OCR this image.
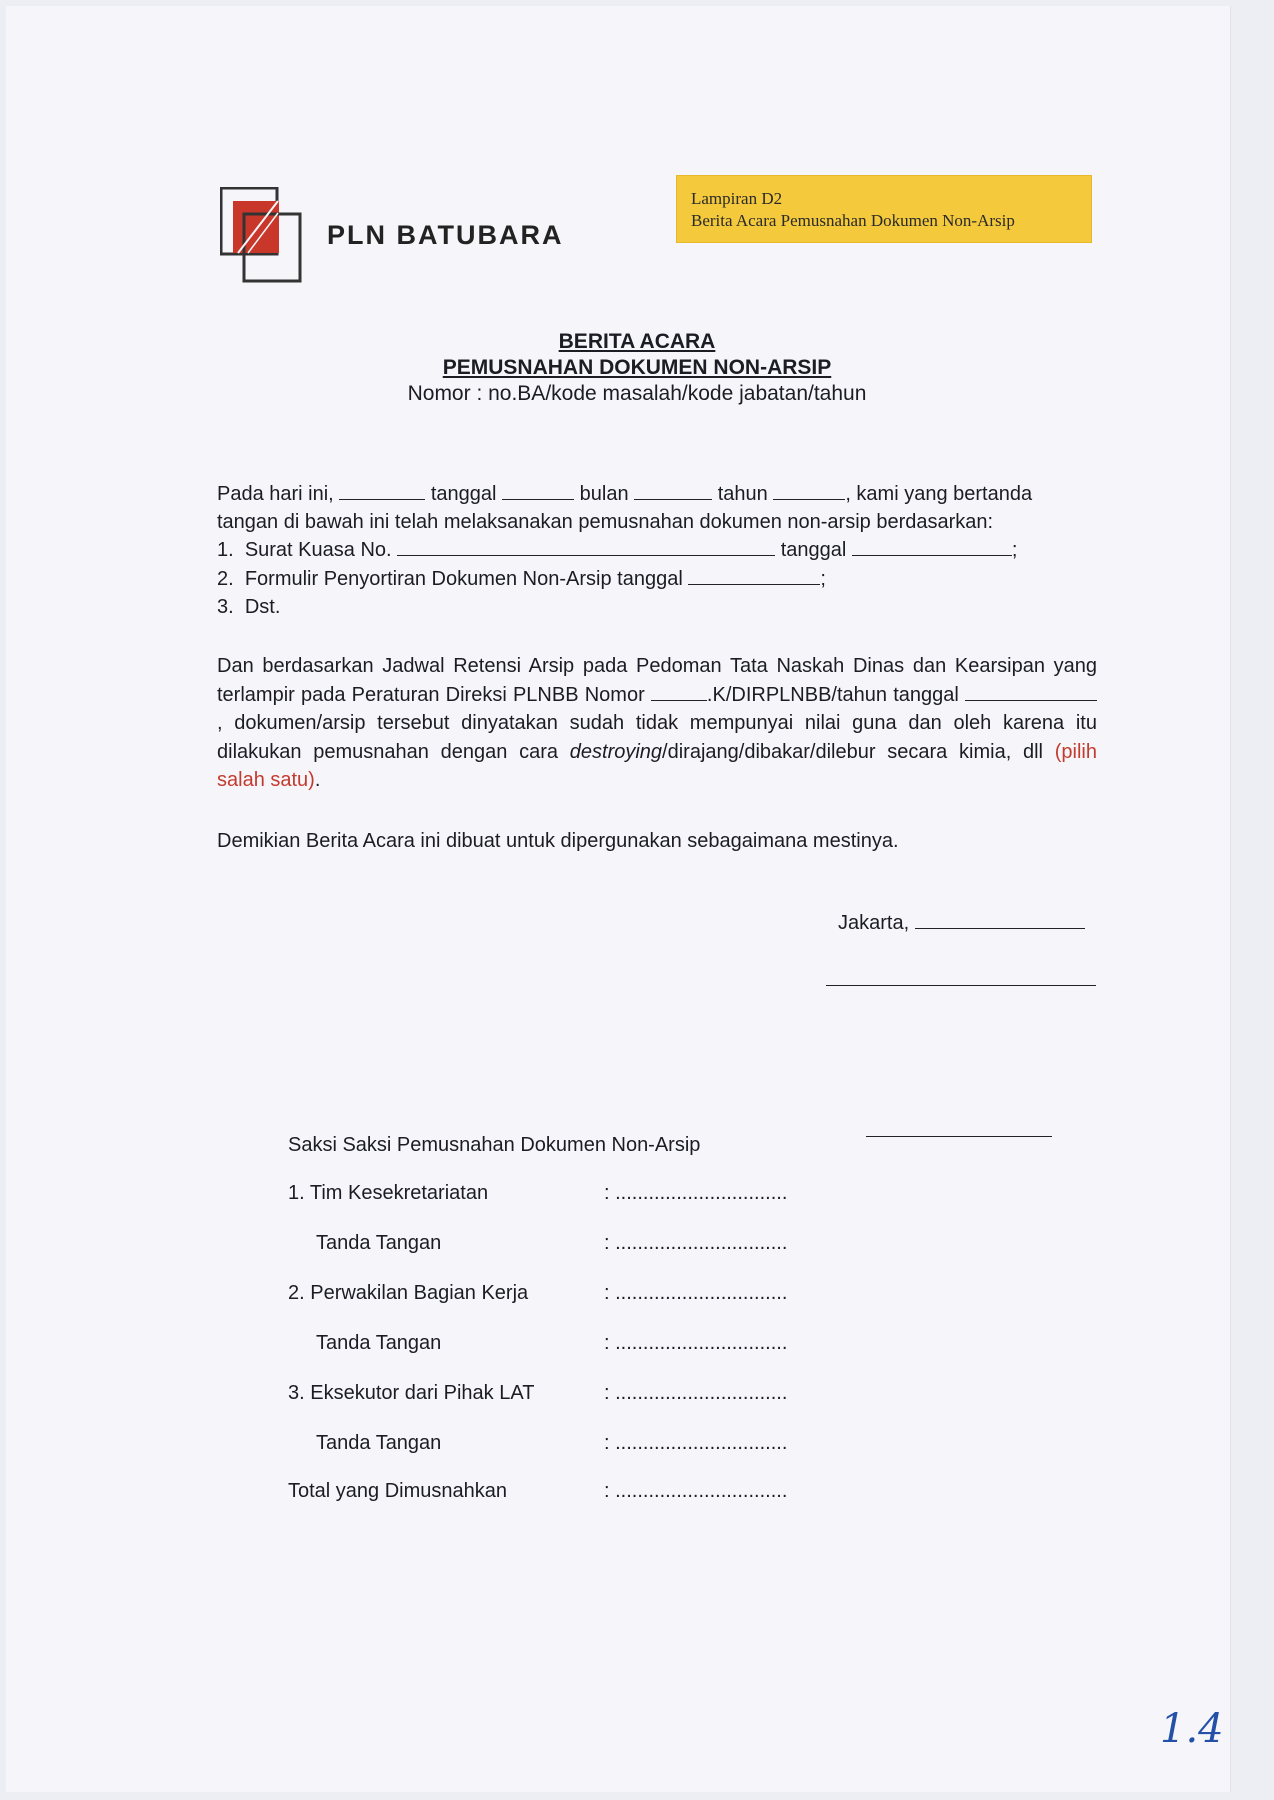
PLN BATUBARA
Lampiran D2
Berita Acara Pemusnahan Dokumen Non-Arsip
BERITA ACARA
PEMUSNAHAN DOKUMEN NON-ARSIP
Nomor : no.BA/kode masalah/kode jabatan/tahun
Pada hari ini,	tanggal	bulan	tahun	, kami yang bertanda
tangan di bawah ini telah melaksanakan pemusnahan dokumen non-arsip berdasarkan:
1. Surat Kuasa No.	tanggal	;
2. Formulir Penyortiran Dokumen Non-Arsip tanggal	;
3. Dst.
Dan berdasarkan Jadwal Retensi Arsip pada Pedoman Tata Naskah Dinas dan Kearsipan yang terlampir pada Peraturan Direksi PLNBB Nomor	.K/DIRPLNBB/tahun tanggal , dokumen/arsip tersebut dinyatakan sudah tidak mempunyai nilai guna dan oleh karena itu dilakukan pemusnahan dengan cara destroying/dirajang/dibakar/dilebur secara kimia, dll (pilih salah satu).
Demikian Berita Acara ini dibuat untuk dipergunakan sebagaimana mestinya.
Jakarta,
Saksi Saksi Pemusnahan Dokumen Non-Arsip
1. Tim Kesekretariatan	: ...............................
Tanda Tangan	: ...............................
2. Perwakilan Bagian Kerja	: ...............................
Tanda Tangan	: ...............................
3. Eksekutor dari Pihak LAT	: ...............................
Tanda Tangan	: ...............................
Total yang Dimusnahkan	: ...............................
1.4
